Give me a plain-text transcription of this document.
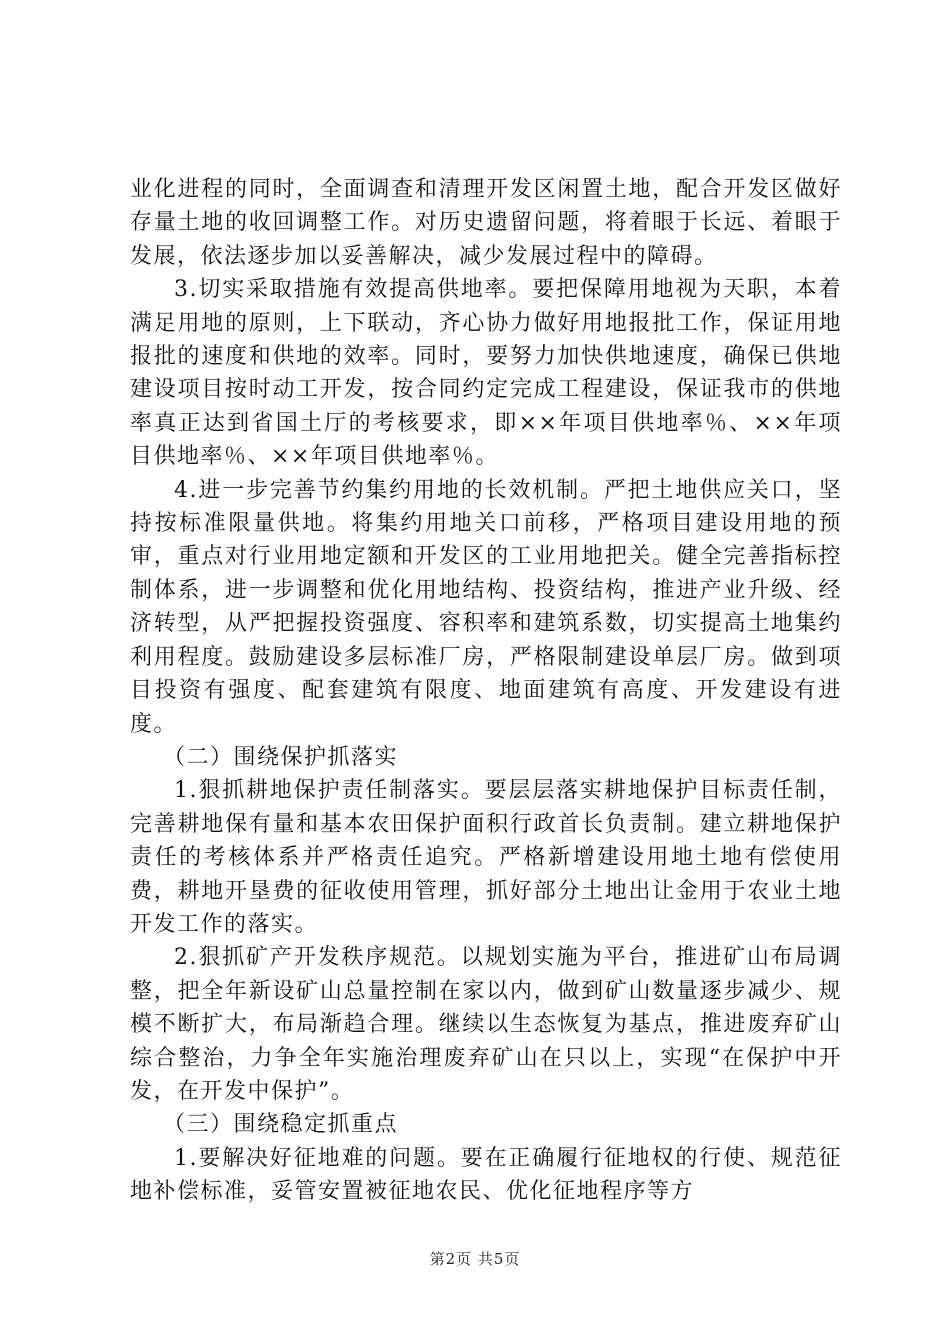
业化进程的同时，全面调查和清理开发区闲置土地，配合开发区做好存量土地的收回调整工作。对历史遗留问题，将着眼于长远、着眼于发展，依法逐步加以妥善解决，减少发展过程中的障碍。

3.切实采取措施有效提高供地率。要把保障用地视为天职，本着满足用地的原则，上下联动，齐心协力做好用地报批工作，保证用地报批的速度和供地的效率。同时，要努力加快供地速度，确保已供地建设项目按时动工开发，按合同约定完成工程建设，保证我市的供地率真正达到省国土厅的考核要求，即××年项目供地率％、××年项目供地率％、××年项目供地率％。

4.进一步完善节约集约用地的长效机制。严把土地供应关口，坚持按标准限量供地。将集约用地关口前移，严格项目建设用地的预审，重点对行业用地定额和开发区的工业用地把关。健全完善指标控制体系，进一步调整和优化用地结构、投资结构，推进产业升级、经济转型，从严把握投资强度、容积率和建筑系数，切实提高土地集约利用程度。鼓励建设多层标准厂房，严格限制建设单层厂房。做到项目投资有强度、配套建筑有限度、地面建筑有高度、开发建设有进度。

（二）围绕保护抓落实

1.狠抓耕地保护责任制落实。要层层落实耕地保护目标责任制，完善耕地保有量和基本农田保护面积行政首长负责制。建立耕地保护责任的考核体系并严格责任追究。严格新增建设用地土地有偿使用费，耕地开垦费的征收使用管理，抓好部分土地出让金用于农业土地开发工作的落实。

2.狠抓矿产开发秩序规范。以规划实施为平台，推进矿山布局调整，把全年新设矿山总量控制在家以内，做到矿山数量逐步减少、规模不断扩大，布局渐趋合理。继续以生态恢复为基点，推进废弃矿山综合整治，力争全年实施治理废弃矿山在只以上，实现“在保护中开发，在开发中保护”。

（三）围绕稳定抓重点

1.要解决好征地难的问题。要在正确履行征地权的行使、规范征地补偿标准，妥管安置被征地农民、优化征地程序等方

第2页 共5页
